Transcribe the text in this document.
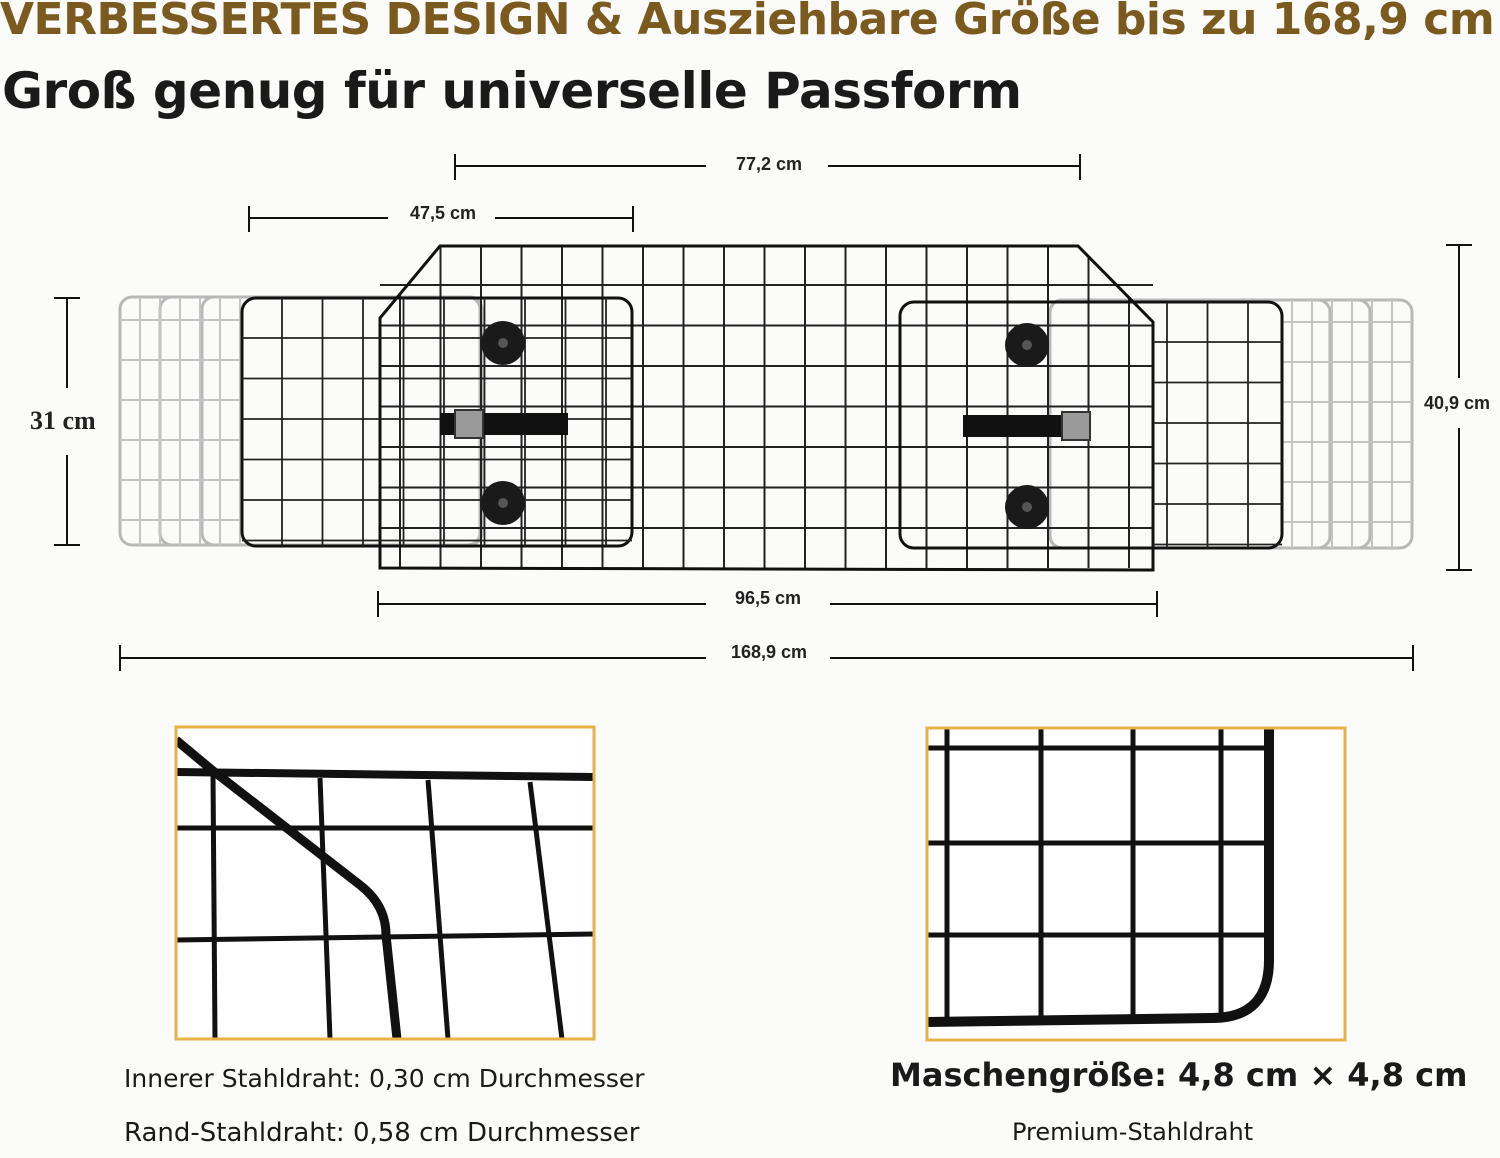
VERBESSERTES DESIGN & Ausziehbare Größe bis zu 168,9 cm
Groß genug für universelle Passform
77,2 cm
47,5 cm
31 cm
40,9 cm
96,5 cm
168,9 cm
Innerer Stahldraht: 0,30 cm Durchmesser
Rand-Stahldraht: 0,58 cm Durchmesser
Maschengröße: 4,8 cm × 4,8 cm
Premium-Stahldraht
